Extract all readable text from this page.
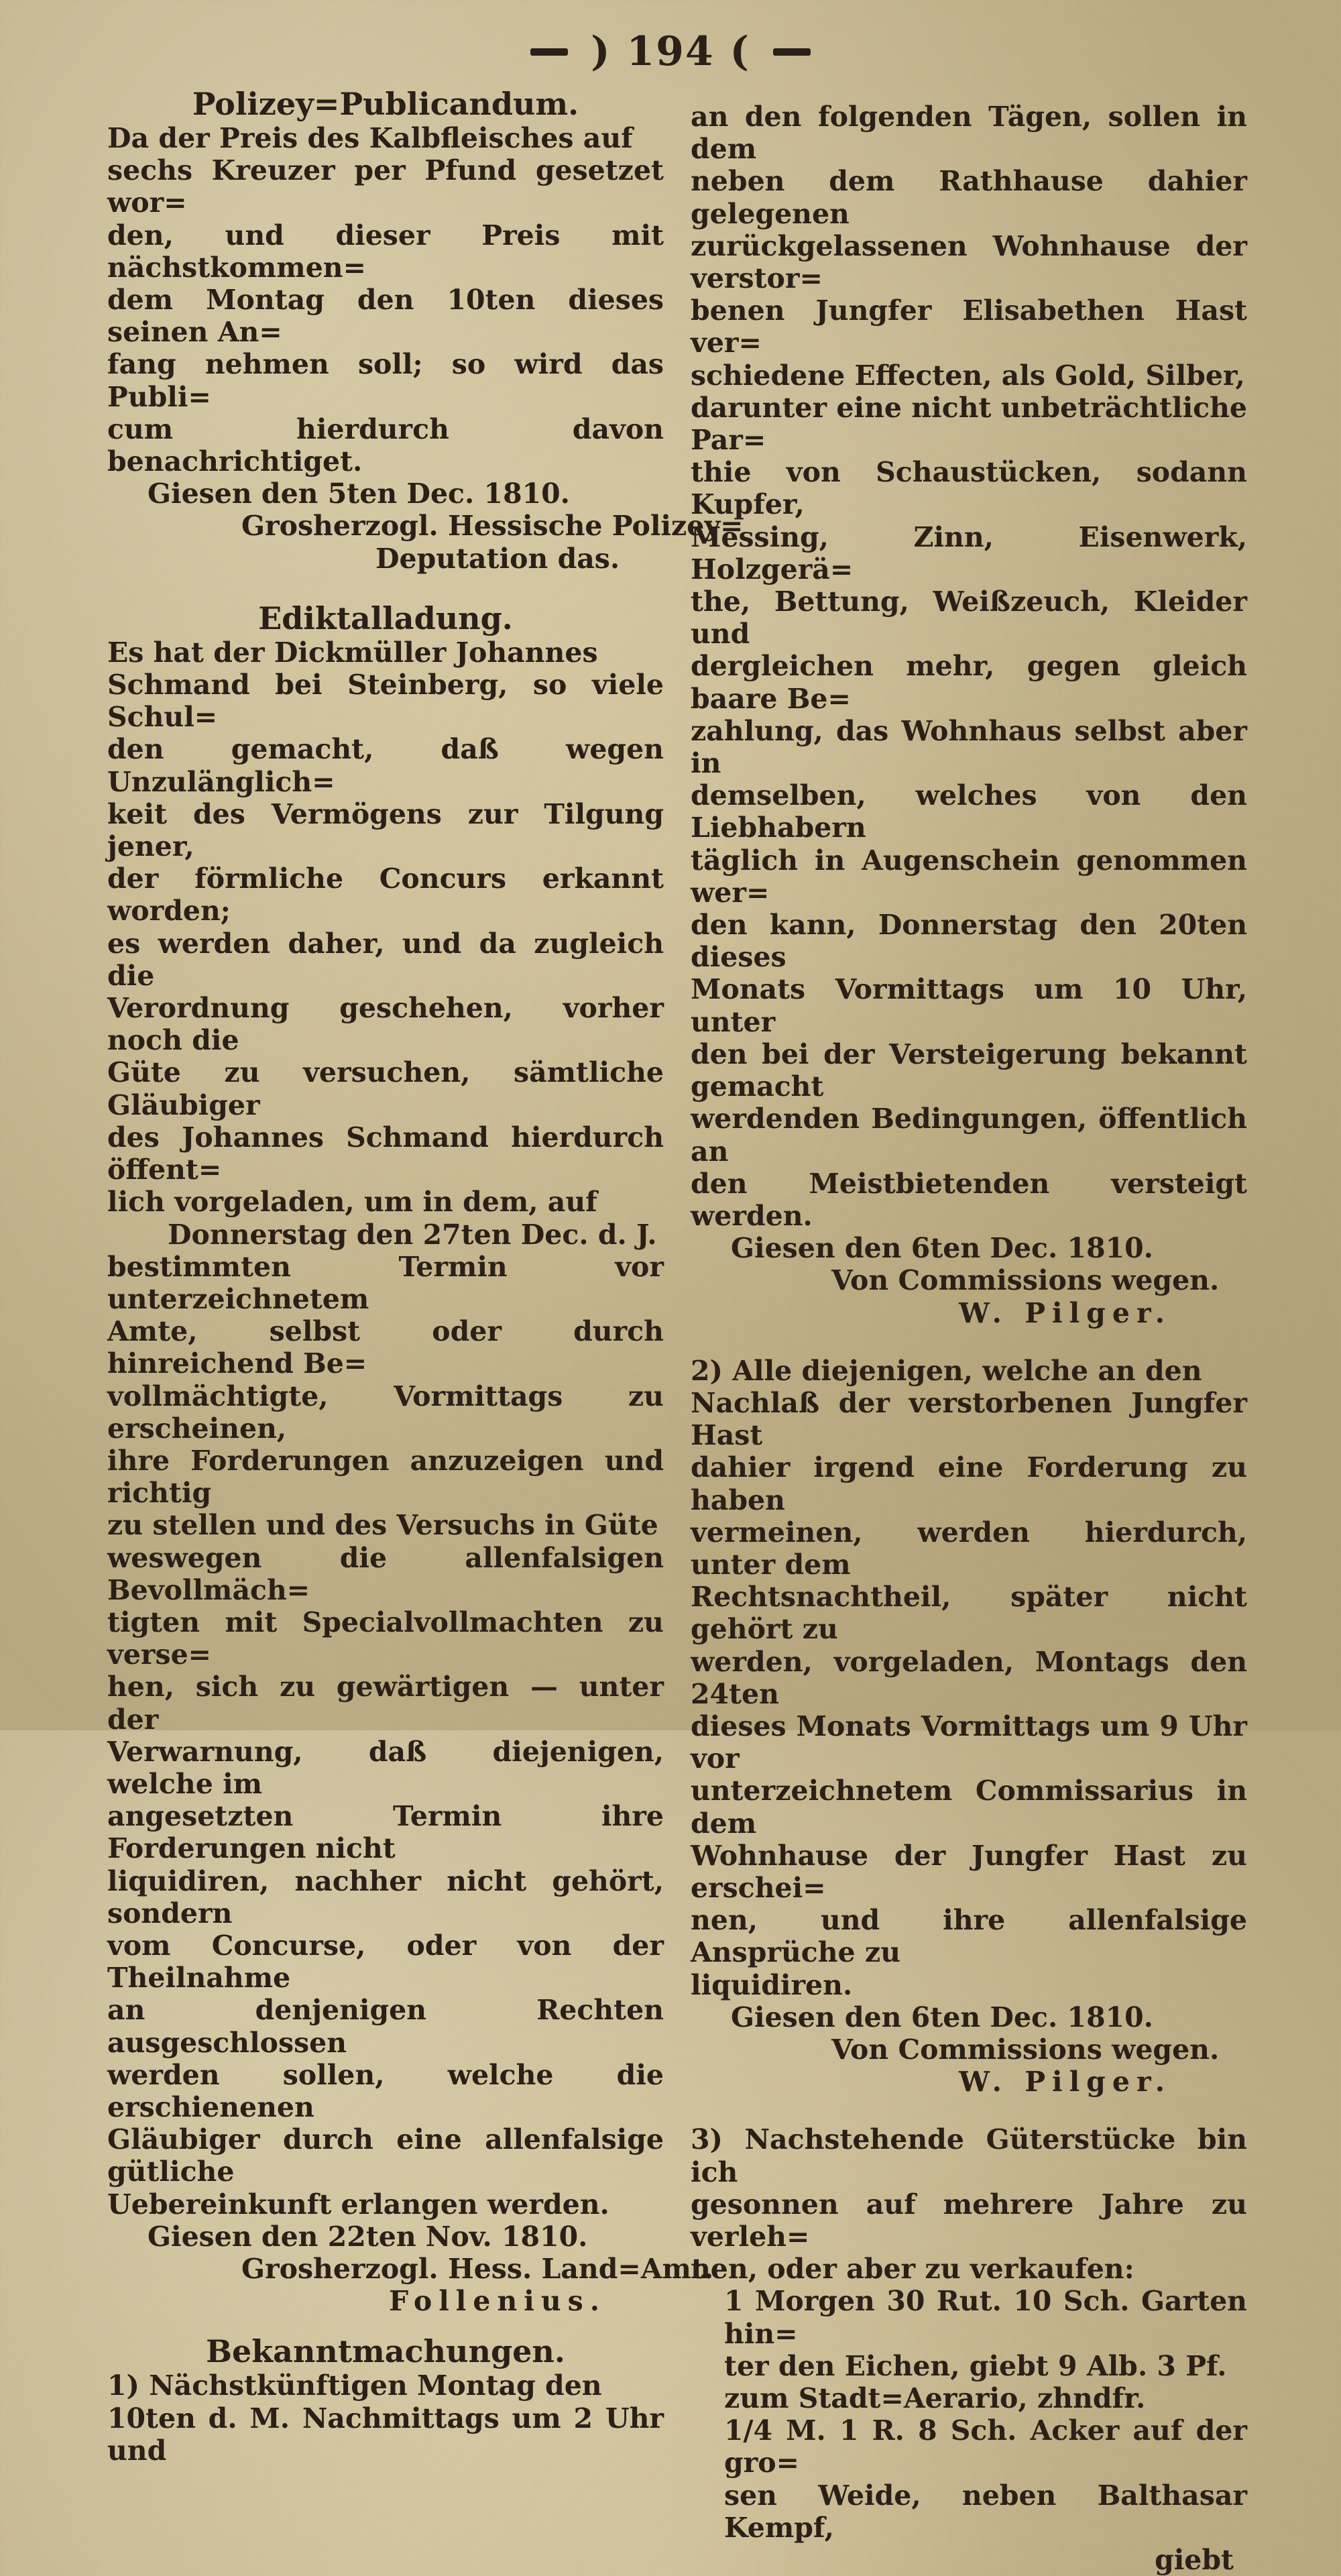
) 194 (

Polizey=Publicandum.

Da der Preis des Kalbfleisches auf
sechs Kreuzer per Pfund gesetzet wor=
den, und dieser Preis mit nächstkommen=
dem Montag den 10ten dieses seinen An=
fang nehmen soll; so wird das Publi=
cum hierdurch davon benachrichtiget.

Giesen den 5ten Dec. 1810.

Grosherzogl. Hessische Polizey=

Deputation das.

Ediktalladung.

Es hat der Dickmüller Johannes
Schmand bei Steinberg, so viele Schul=
den gemacht, daß wegen Unzulänglich=
keit des Vermögens zur Tilgung jener,
der förmliche Concurs erkannt worden;
es werden daher, und da zugleich die
Verordnung geschehen, vorher noch die
Güte zu versuchen, sämtliche Gläubiger
des Johannes Schmand hierdurch öffent=
lich vorgeladen, um in dem, auf

Donnerstag den 27ten Dec. d. J.

bestimmten Termin vor unterzeichnetem
Amte, selbst oder durch hinreichend Be=
vollmächtigte, Vormittags zu erscheinen,
ihre Forderungen anzuzeigen und richtig
zu stellen und des Versuchs in Güte
weswegen die allenfalsigen Bevollmäch=
tigten mit Specialvollmachten zu verse=
hen, sich zu gewärtigen — unter der
Verwarnung, daß diejenigen, welche im
angesetzten Termin ihre Forderungen nicht
liquidiren, nachher nicht gehört, sondern
vom Concurse, oder von der Theilnahme
an denjenigen Rechten ausgeschlossen
werden sollen, welche die erschienenen
Gläubiger durch eine allenfalsige gütliche
Uebereinkunft erlangen werden.

Giesen den 22ten Nov. 1810.

Grosherzogl. Hess. Land=Amt.

Follenius.

Bekanntmachungen.

1) Nächstkünftigen Montag den
10ten d. M. Nachmittags um 2 Uhr und

an den folgenden Tägen, sollen in dem
neben dem Rathhause dahier gelegenen
zurückgelassenen Wohnhause der verstor=
benen Jungfer Elisabethen Hast ver=
schiedene Effecten, als Gold, Silber,
darunter eine nicht unbeträchtliche Par=
thie von Schaustücken, sodann Kupfer,
Messing, Zinn, Eisenwerk, Holzgerä=
the, Bettung, Weißzeuch, Kleider und
dergleichen mehr, gegen gleich baare Be=
zahlung, das Wohnhaus selbst aber in
demselben, welches von den Liebhabern
täglich in Augenschein genommen wer=
den kann, Donnerstag den 20ten dieses
Monats Vormittags um 10 Uhr, unter
den bei der Versteigerung bekannt gemacht
werdenden Bedingungen, öffentlich an
den Meistbietenden versteigt werden.

Giesen den 6ten Dec. 1810.

Von Commissions wegen.

W. Pilger.

2) Alle diejenigen, welche an den
Nachlaß der verstorbenen Jungfer Hast
dahier irgend eine Forderung zu haben
vermeinen, werden hierdurch, unter dem
Rechtsnachtheil, später nicht gehört zu
werden, vorgeladen, Montags den 24ten
dieses Monats Vormittags um 9 Uhr vor
unterzeichnetem Commissarius in dem
Wohnhause der Jungfer Hast zu erschei=
nen, und ihre allenfalsige Ansprüche zu
liquidiren.

Giesen den 6ten Dec. 1810.

Von Commissions wegen.

W. Pilger.

3) Nachstehende Güterstücke bin ich
gesonnen auf mehrere Jahre zu verleh=
nen, oder aber zu verkaufen:

1 Morgen 30 Rut. 10 Sch. Garten hin=
ter den Eichen, giebt 9 Alb. 3 Pf.
zum Stadt=Aerario, zhndfr.

1/4 M. 1 R. 8 Sch. Acker auf der gro=
sen Weide, neben Balthasar Kempf,

giebt
